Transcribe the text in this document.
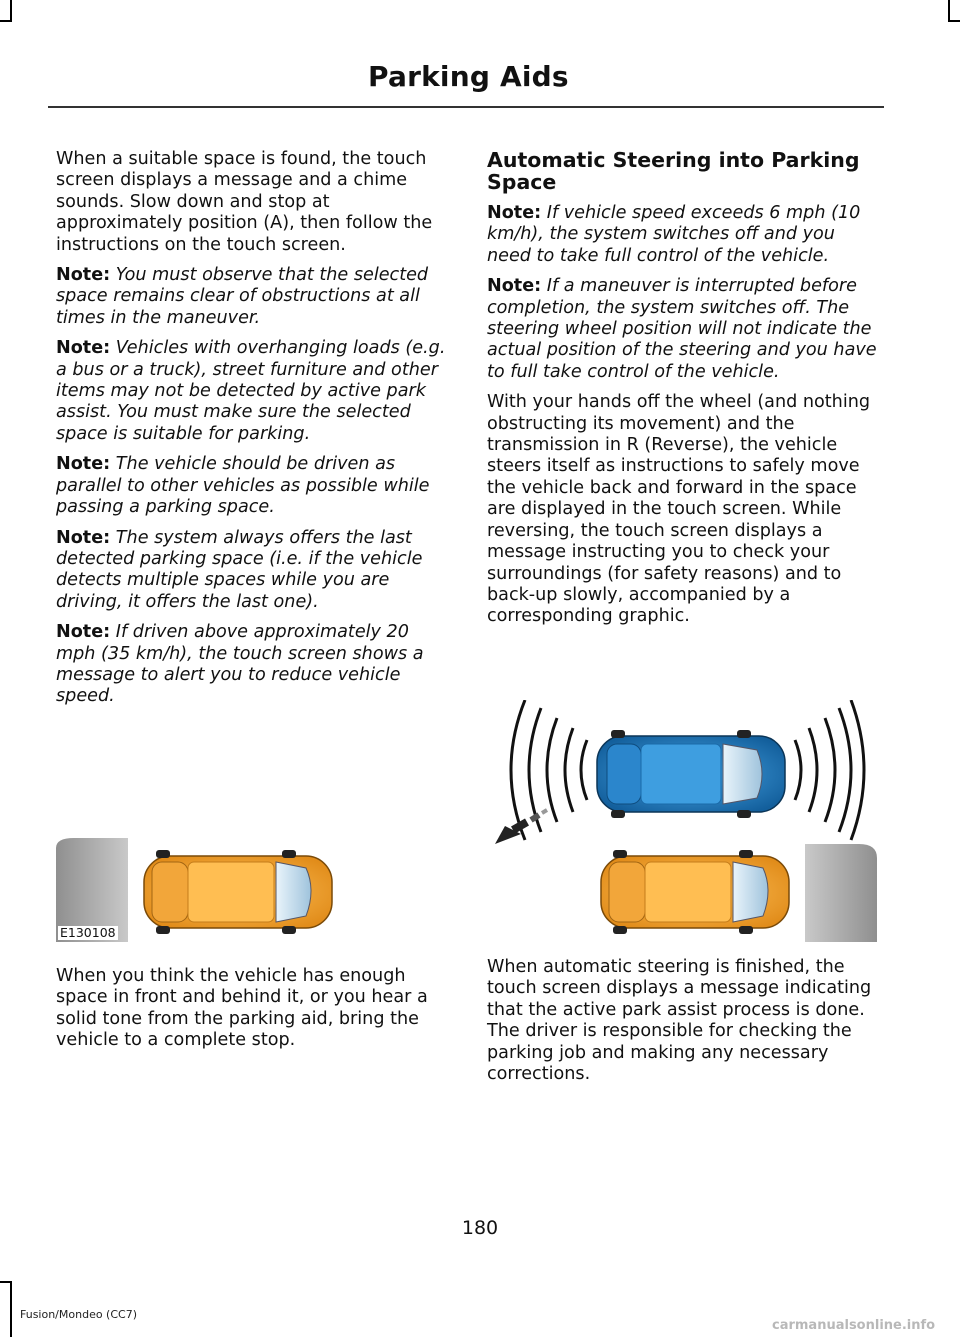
Parking Aids

When a suitable space is found, the touch screen displays a message and a chime sounds. Slow down and stop at approximately position (A), then follow the instructions on the touch screen.

Note: You must observe that the selected space remains clear of obstructions at all times in the maneuver.

Note: Vehicles with overhanging loads (e.g. a bus or a truck), street furniture and other items may not be detected by active park assist. You must make sure the selected space is suitable for parking.

Note: The vehicle should be driven as parallel to other vehicles as possible while passing a parking space.

Note: The system always offers the last detected parking space (i.e. if the vehicle detects multiple spaces while you are driving, it offers the last one).

Note: If driven above approximately 20 mph (35 km/h), the touch screen shows a message to alert you to reduce vehicle speed.

E130108

When you think the vehicle has enough space in front and behind it, or you hear a solid tone from the parking aid, bring the vehicle to a complete stop.

Automatic Steering into Parking Space

Note: If vehicle speed exceeds 6 mph (10 km/h), the system switches off and you need to take full control of the vehicle.

Note: If a maneuver is interrupted before completion, the system switches off. The steering wheel position will not indicate the actual position of the steering and you have to full take control of the vehicle.

With your hands off the wheel (and nothing obstructing its movement) and the transmission in R (Reverse), the vehicle steers itself as instructions to safely move the vehicle back and forward in the space are displayed in the touch screen. While reversing, the touch screen displays a message instructing you to check your surroundings (for safety reasons) and to back-up slowly, accompanied by a corresponding graphic.

When automatic steering is finished, the touch screen displays a message indicating that the active park assist process is done. The driver is responsible for checking the parking job and making any necessary corrections.

180
Fusion/Mondeo (CC7)
carmanualsonline.info
